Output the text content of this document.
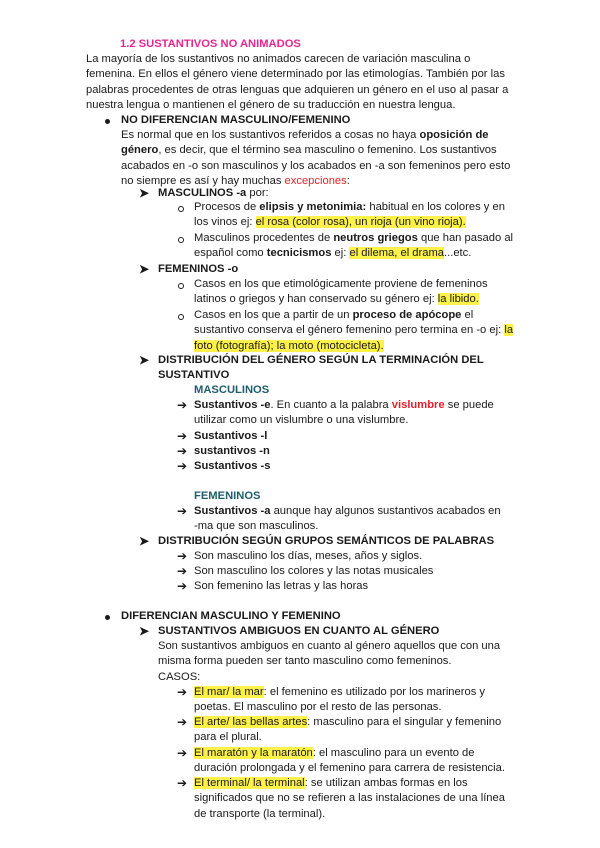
1.2 SUSTANTIVOS NO ANIMADOS
La mayoría de los sustantivos no animados carecen de variación masculina o
femenina. En ellos el género viene determinado por las etimologías. También por las
palabras procedentes de otras lenguas que adquieren un género en el uso al pasar a
nuestra lengua o mantienen el género de su traducción en nuestra lengua.
NO DIFERENCIAN MASCULINO/FEMENINO
Es normal que en los sustantivos referidos a cosas no haya oposición de
género, es decir, que el término sea masculino o femenino. Los sustantivos
acabados en -o son masculinos y los acabados en -a son femeninos pero esto
no siempre es así y hay muchas excepciones:
➤ MASCULINOS -a por:
Procesos de elipsis y metonimia: habitual en los colores y en
los vinos ej: el rosa (color rosa), un rioja (un vino rioja).
Masculinos procedentes de neutros griegos que han pasado al
español como tecnicismos ej: el dilema, el drama...etc.
➤ FEMENINOS -o
Casos en los que etimológicamente proviene de femeninos
latinos o griegos y han conservado su género ej: la libido.
Casos en los que a partir de un proceso de apócope el
sustantivo conserva el género femenino pero termina en -o ej: la
foto (fotografía); la moto (motocicleta).
➤ DISTRIBUCIÓN DEL GÉNERO SEGÚN LA TERMINACIÓN DEL
SUSTANTIVO
MASCULINOS
➔ Sustantivos -e. En cuanto a la palabra vislumbre se puede
utilizar como un vislumbre o una vislumbre.
➔ Sustantivos -l
➔ sustantivos -n
➔ Sustantivos -s
FEMENINOS
➔ Sustantivos -a aunque hay algunos sustantivos acabados en
-ma que son masculinos.
➤ DISTRIBUCIÓN SEGÚN GRUPOS SEMÁNTICOS DE PALABRAS
➔ Son masculino los días, meses, años y siglos.
➔ Son masculino los colores y las notas musicales
➔ Son femenino las letras y las horas
DIFERENCIAN MASCULINO Y FEMENINO
➤ SUSTANTIVOS AMBIGUOS EN CUANTO AL GÉNERO
Son sustantivos ambiguos en cuanto al género aquellos que con una
misma forma pueden ser tanto masculino como femeninos.
CASOS:
➔ El mar/ la mar: el femenino es utilizado por los marineros y
poetas. El masculino por el resto de las personas.
➔ El arte/ las bellas artes: masculino para el singular y femenino
para el plural.
➔ El maratón y la maratón: el masculino para un evento de
duración prolongada y el femenino para carrera de resistencia.
➔ El terminal/ la terminal: se utilizan ambas formas en los
significados que no se refieren a las instalaciones de una línea
de transporte (la terminal).
